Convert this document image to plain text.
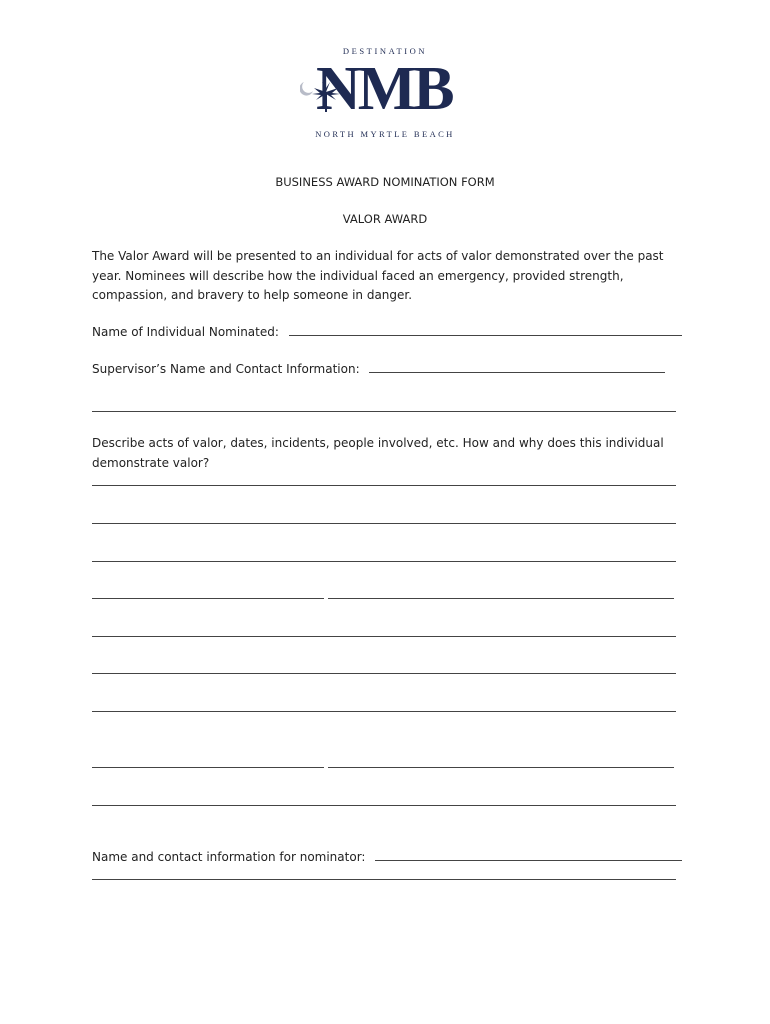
DESTINATION
NMB
NORTH MYRTLE BEACH
BUSINESS AWARD NOMINATION FORM
VALOR AWARD
The Valor Award will be presented to an individual for acts of valor demonstrated over the past year. Nominees will describe how the individual faced an emergency, provided strength, compassion, and bravery to help someone in danger.
Name of Individual Nominated:
Supervisor’s Name and Contact Information:
Describe acts of valor, dates, incidents, people involved, etc. How and why does this individual demonstrate valor?
Name and contact information for nominator:
